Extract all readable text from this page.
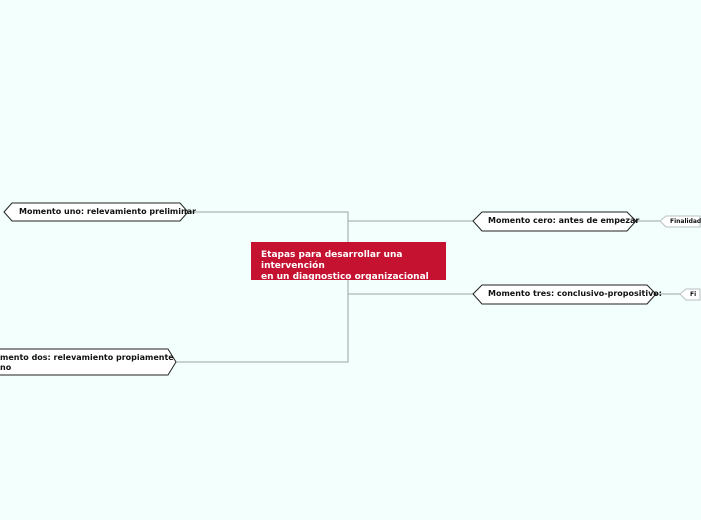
Etapas para desarrollar una intervención
en un diagnostico organizacional
Momento uno: relevamiento preliminar
mento dos: relevamiento propiamente
no
Momento cero: antes de empezar
Momento tres: conclusivo-propositivo:
Finalidad
Fi
